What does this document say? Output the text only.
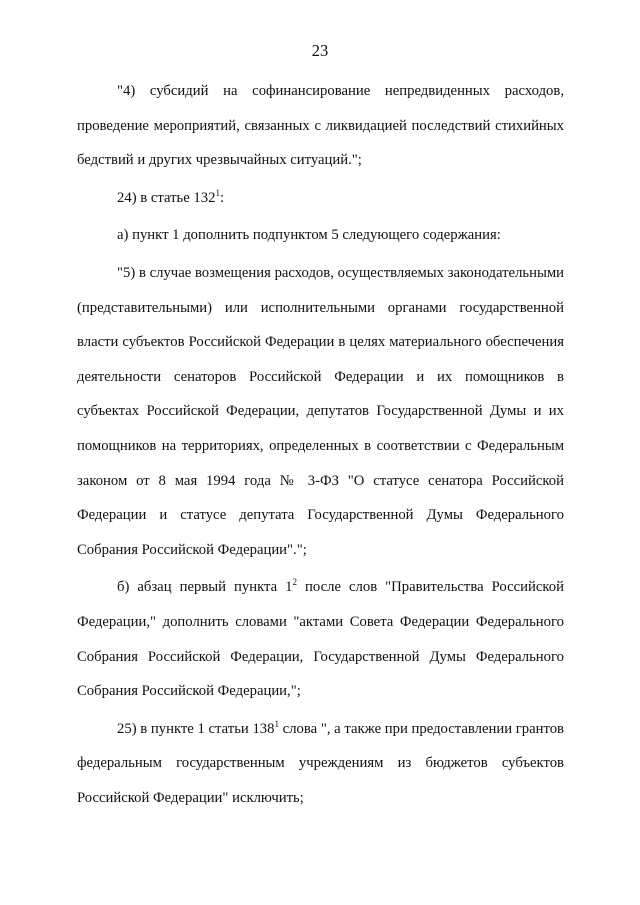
23

"4) субсидий на софинансирование непредвиденных расходов, проведение мероприятий, связанных с ликвидацией последствий стихийных бедствий и других чрезвычайных ситуаций.";

24) в статье $132^1$:

а) пункт 1 дополнить подпунктом 5 следующего содержания:

"5) в случае возмещения расходов, осуществляемых законодательными (представительными) или исполнительными органами государственной власти субъектов Российской Федерации в целях материального обеспечения деятельности сенаторов Российской Федерации и их помощников в субъектах Российской Федерации, депутатов Государственной Думы и их помощников на территориях, определенных в соответствии с Федеральным законом от 8 мая 1994 года № 3-ФЗ "О статусе сенатора Российской Федерации и статусе депутата Государственной Думы Федерального Собрания Российской Федерации".";

б) абзац первый пункта $1^2$ после слов "Правительства Российской Федерации," дополнить словами "актами Совета Федерации Федерального Собрания Российской Федерации, Государственной Думы Федерального Собрания Российской Федерации,";

25) в пункте 1 статьи $138^1$ слова ", а также при предоставлении грантов федеральным государственным учреждениям из бюджетов субъектов Российской Федерации" исключить;
